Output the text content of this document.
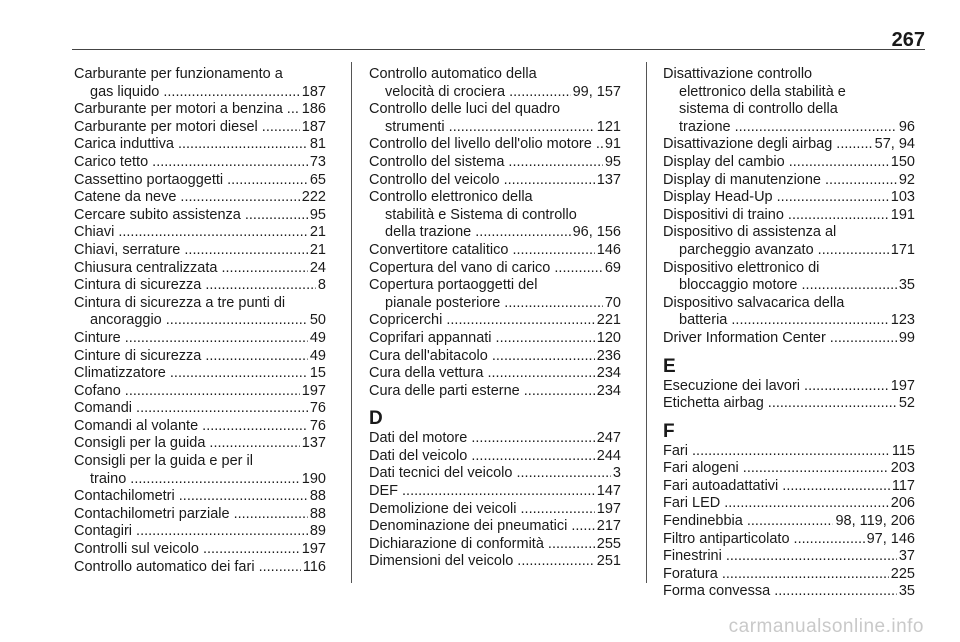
267
Carburante per funzionamento a
gas liquido .....	187
Carburante per motori a benzina .....	186
Carburante per motori diesel .....	187
Carica induttiva .....	81
Carico tetto .....	73
Cassettino portaoggetti .....	65
Catene da neve .....	222
Cercare subito assistenza .....	95
Chiavi .....	21
Chiavi, serrature .....	21
Chiusura centralizzata .....	24
Cintura di sicurezza .....	8
Cintura di sicurezza a tre punti di
ancoraggio .....	50
Cinture .....	49
Cinture di sicurezza .....	49
Climatizzatore .....	15
Cofano .....	197
Comandi .....	76
Comandi al volante .....	76
Consigli per la guida .....	137
Consigli per la guida e per il
traino .....	190
Contachilometri .....	88
Contachilometri parziale .....	88
Contagiri .....	89
Controlli sul veicolo .....	197
Controllo automatico dei fari .....	116
Controllo automatico della
velocità di crociera .....	99, 157
Controllo delle luci del quadro
strumenti .....	121
Controllo del livello dell'olio motore ..... 91
Controllo del sistema .....	95
Controllo del veicolo .....	137
Controllo elettronico della
stabilità e Sistema di controllo
della trazione .....	96, 156
Convertitore catalitico .....	146
Copertura del vano di carico .....	69
Copertura portaoggetti del
pianale posteriore .....	70
Copricerchi .....	221
Coprifari appannati .....	120
Cura dell'abitacolo .....	236
Cura della vettura .....	234
Cura delle parti esterne .....	234
D
Dati del motore .....	247
Dati del veicolo .....	244
Dati tecnici del veicolo .....	3
DEF .....	147
Demolizione dei veicoli .....	197
Denominazione dei pneumatici .....	217
Dichiarazione di conformità .....	255
Dimensioni del veicolo .....	251
Disattivazione controllo
elettronico della stabilità e
sistema di controllo della
trazione .....	96
Disattivazione degli airbag .....	57, 94
Display del cambio .....	150
Display di manutenzione .....	92
Display Head-Up .....	103
Dispositivi di traino .....	191
Dispositivo di assistenza al
parcheggio avanzato .....	171
Dispositivo elettronico di
bloccaggio motore .....	35
Dispositivo salvacarica della
batteria .....	123
Driver Information Center .....	99
E
Esecuzione dei lavori .....	197
Etichetta airbag .....	52
F
Fari .....	115
Fari alogeni .....	203
Fari autoadattativi .....	117
Fari LED .....	206
Fendinebbia .....	98, 119, 206
Filtro antiparticolato .....	97, 146
Finestrini .....	37
Foratura .....	225
Forma convessa .....	35
carmanualsonline.info
